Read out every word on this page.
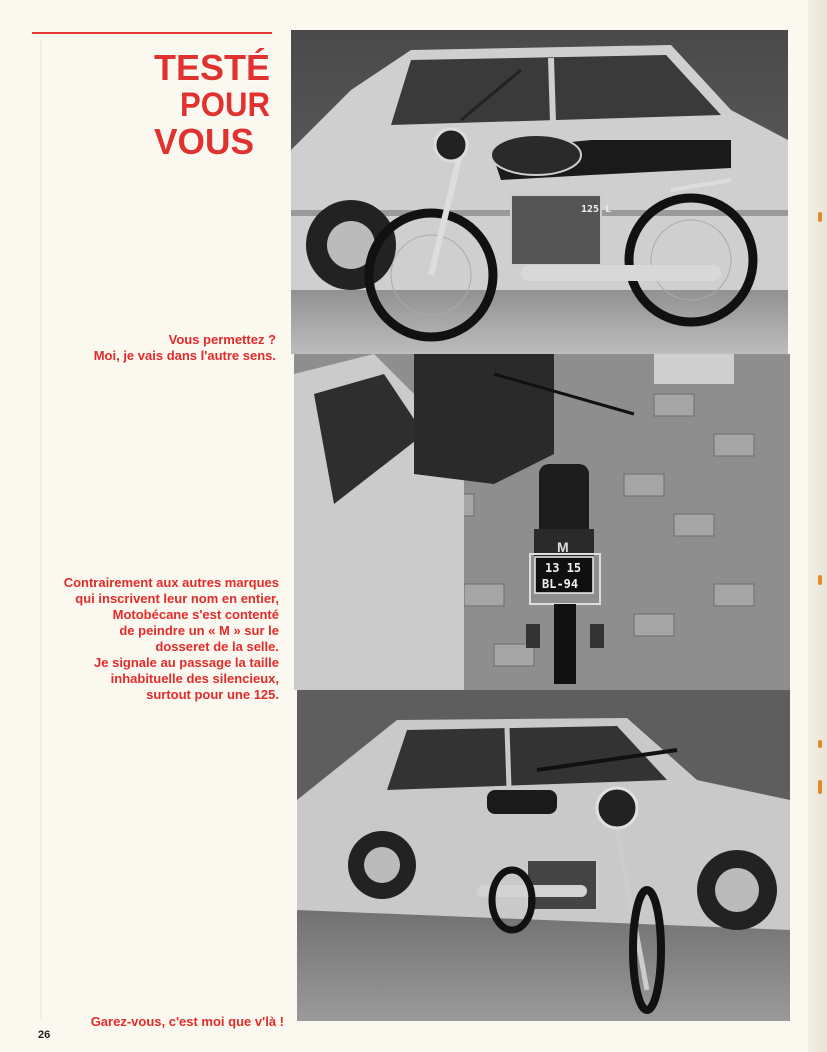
TESTÉ
POUR
VOUS

Vous permettez ?
Moi, je vais dans l'autre sens.

Contrairement aux autres marques
qui inscrivent leur nom en entier,
Motobécane s'est contenté
de peindre un « M » sur le
dosseret de la selle.
Je signale au passage la taille
inhabituelle des silencieux,
surtout pour une 125.

Garez-vous, c'est moi que v'là !

26
125 L
M
13 15
BL-94
